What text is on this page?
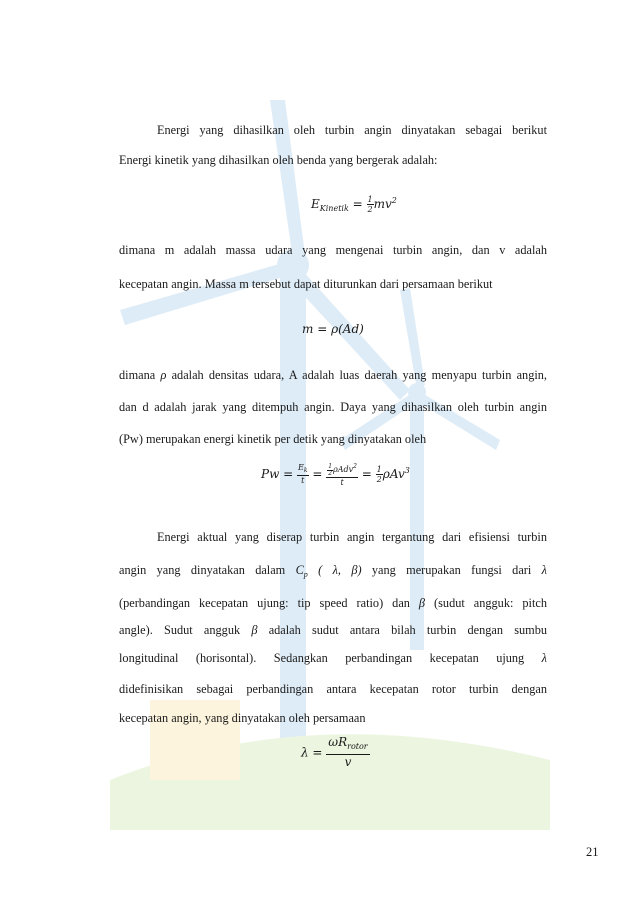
Energi yang dihasilkan oleh turbin angin dinyatakan sebagai berikut
Energi kinetik yang dihasilkan oleh benda yang bergerak adalah:
$E_{Kinetik} = \frac{1}{2} mv^2$
dimana m adalah massa udara yang mengenai turbin angin, dan v adalah
kecepatan angin. Massa m tersebut dapat diturunkan dari persamaan berikut
m = ρ(Ad)
dimana ρ adalah densitas udara, A adalah luas daerah yang menyapu turbin angin,
dan d adalah jarak yang ditempuh angin. Daya yang dihasilkan oleh turbin angin
(Pw) merupakan energi kinetik per detik yang dinyatakan oleh
$Pw = \frac{E_k}{t} = \frac{\frac{1}{2} \rho Adv^2}{t} = \frac{1}{2} \rho Av^3$
Energi aktual yang diserap turbin angin tergantung dari efisiensi turbin
angin yang dinyatakan dalam $C_p$ ( λ, β) yang merupakan fungsi dari λ
(perbandingan kecepatan ujung: tip speed ratio) dan β (sudut angguk: pitch
angle). Sudut angguk β adalah sudut antara bilah turbin dengan sumbu
longitudinal (horisontal). Sedangkan perbandingan kecepatan ujung λ
didefinisikan sebagai perbandingan antara kecepatan rotor turbin dengan
kecepatan angin, yang dinyatakan oleh persamaan
$\lambda = \frac{\omega R_{rotor}}{v}$
21
